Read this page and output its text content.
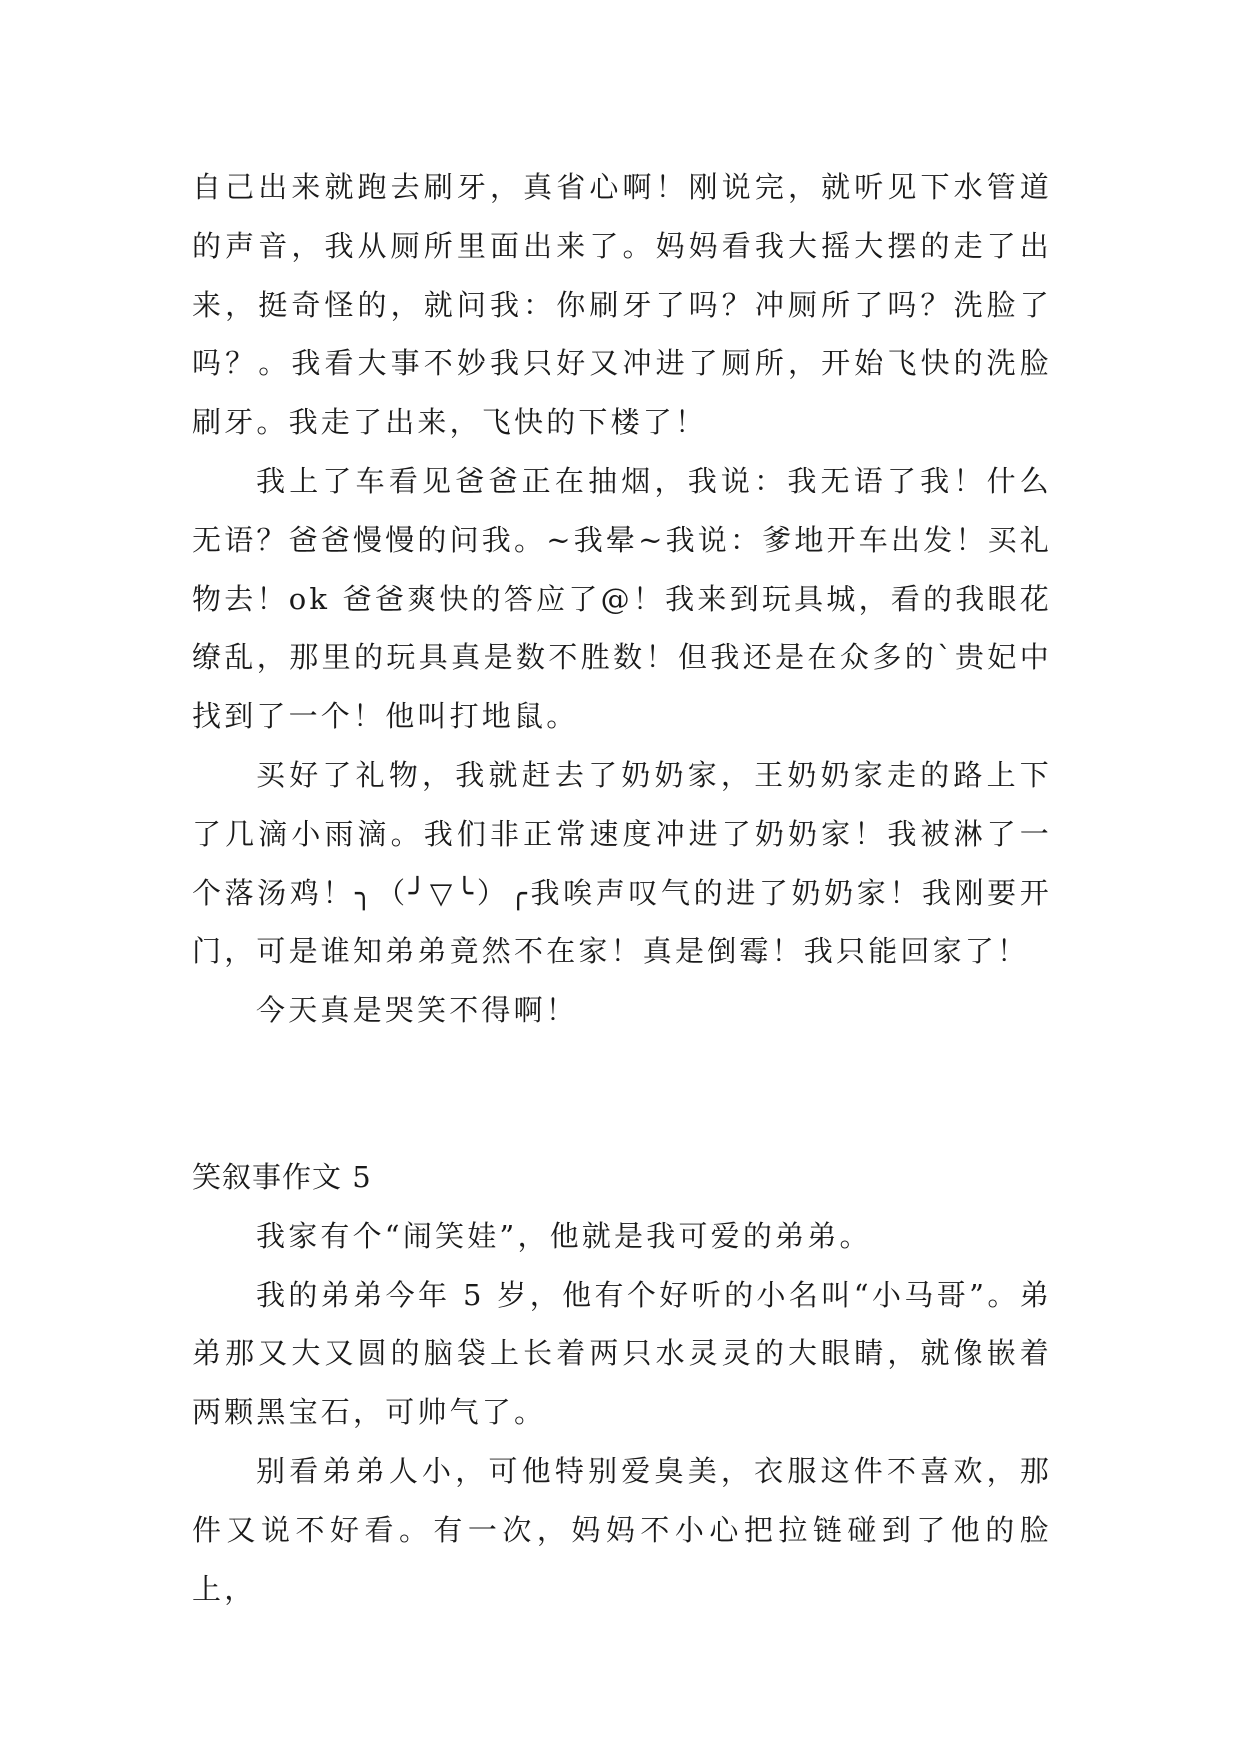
自己出来就跑去刷牙，真省心啊！刚说完，就听见下水管道的声音，我从厕所里面出来了。妈妈看我大摇大摆的走了出来，挺奇怪的，就问我：你刷牙了吗？冲厕所了吗？洗脸了吗？。我看大事不妙我只好又冲进了厕所，开始飞快的洗脸刷牙。我走了出来，飞快的下楼了！

我上了车看见爸爸正在抽烟，我说：我无语了我！什么无语？爸爸慢慢的问我。~我晕~我说：爹地开车出发！买礼物去！ok 爸爸爽快的答应了@！我来到玩具城，看的我眼花缭乱，那里的玩具真是数不胜数！但我还是在众多的`贵妃中找到了一个！他叫打地鼠。

买好了礼物，我就赶去了奶奶家，王奶奶家走的路上下了几滴小雨滴。我们非正常速度冲进了奶奶家！我被淋了一个落汤鸡！╮（╯▽╰）╭我唉声叹气的进了奶奶家！我刚要开门，可是谁知弟弟竟然不在家！真是倒霉！我只能回家了！

今天真是哭笑不得啊！

笑叙事作文 5

我家有个“闹笑娃”，他就是我可爱的弟弟。

我的弟弟今年 5 岁，他有个好听的小名叫“小马哥”。弟弟那又大又圆的脑袋上长着两只水灵灵的大眼睛，就像嵌着两颗黑宝石，可帅气了。

别看弟弟人小，可他特别爱臭美，衣服这件不喜欢，那件又说不好看。有一次，妈妈不小心把拉链碰到了他的脸上，
